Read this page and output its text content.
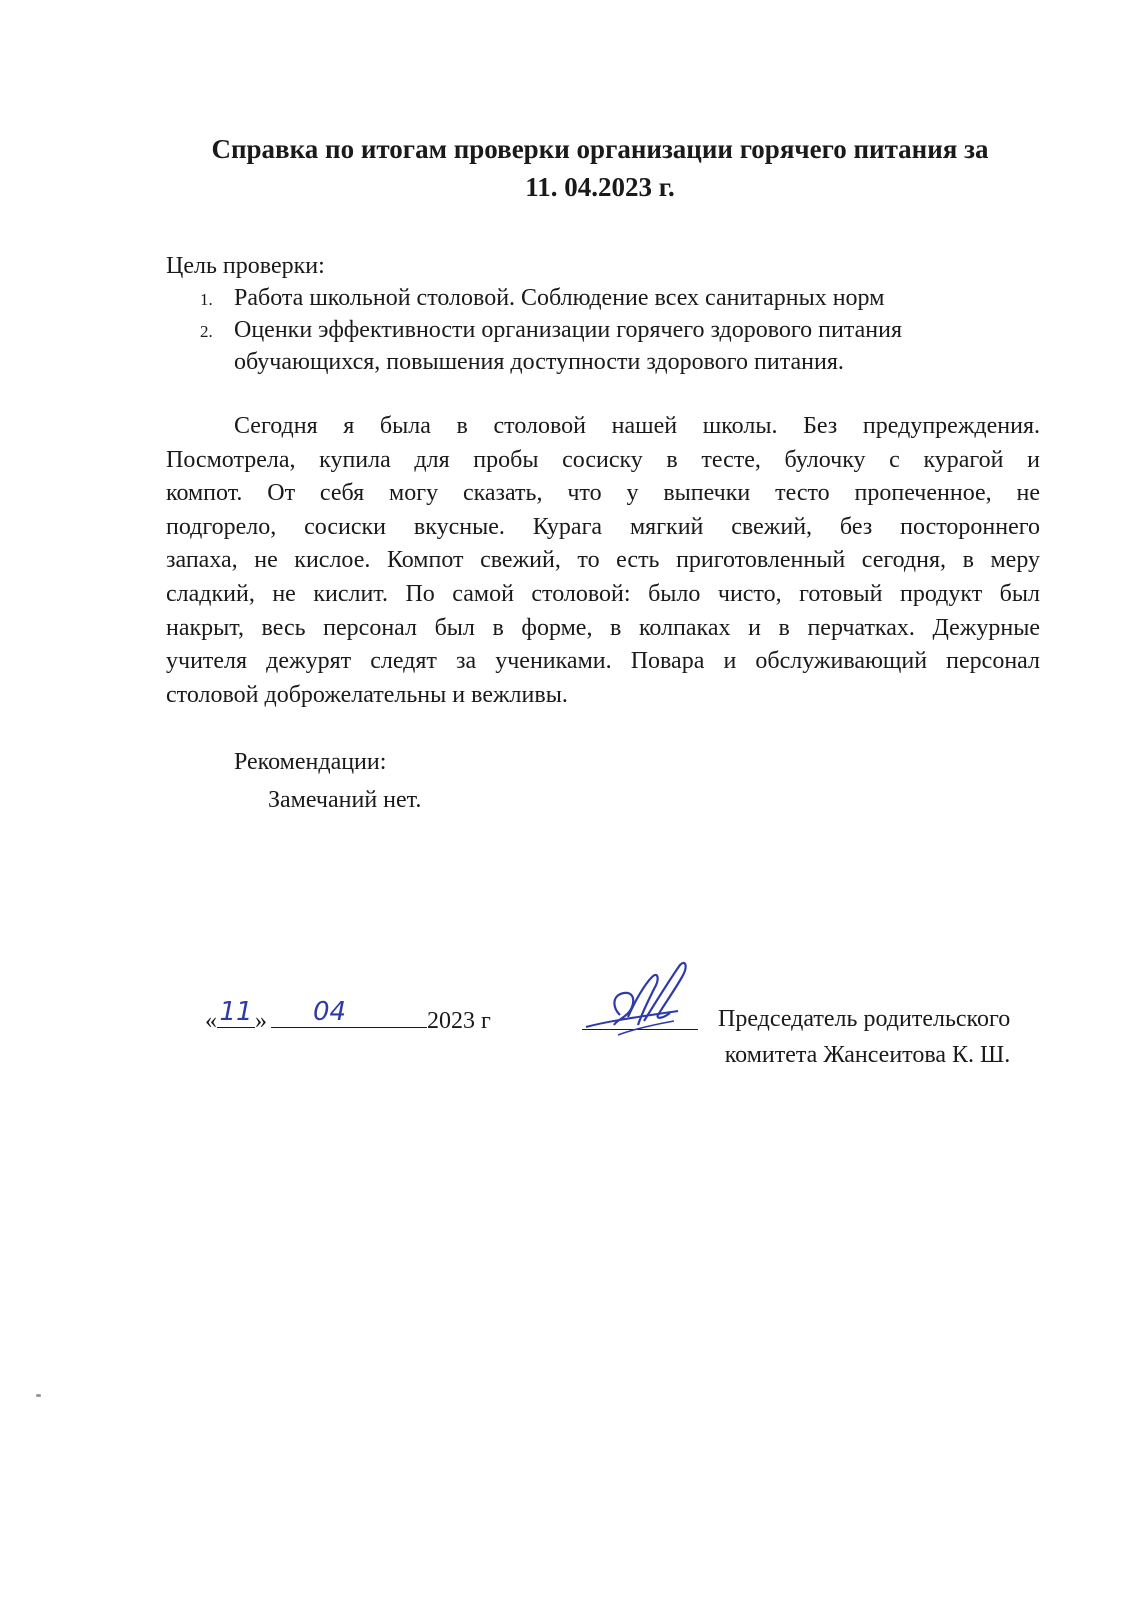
Справка по итогам проверки организации горячего питания за
11. 04.2023 г.
Цель проверки:
1. Работа школьной столовой. Соблюдение всех санитарных норм
2. Оценки эффективности организации горячего здорового питания
обучающихся, повышения доступности здорового питания.
Сегодня я была в столовой нашей школы. Без предупреждения.
Посмотрела, купила для пробы сосиску в тесте, булочку с курагой и
компот. От себя могу сказать, что у выпечки тесто пропеченное, не
подгорело, сосиски вкусные. Курага мягкий свежий, без постороннего
запаха, не кислое. Компот свежий, то есть приготовленный сегодня, в меру
сладкий, не кислит. По самой столовой: было чисто, готовый продукт был
накрыт, весь персонал был в форме, в колпаках и в перчатках. Дежурные
учителя дежурят следят за учениками. Повара и обслуживающий персонал
столовой доброжелательны и вежливы.
Рекомендации:
Замечаний нет.
« 11 »	04	2023 г	Председатель родительского
комитета Жансеитова К. Ш.
